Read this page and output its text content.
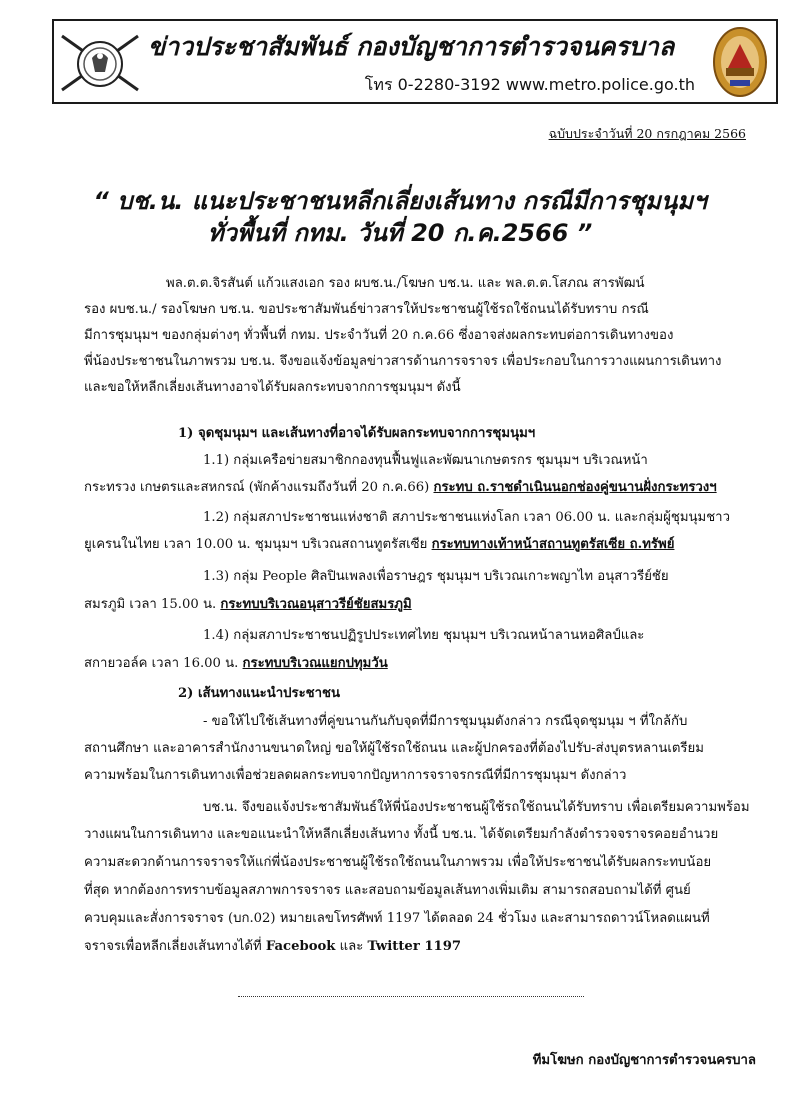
ข่าวประชาสัมพันธ์ กองบัญชาการตำรวจนครบาล
โทร 0-2280-3192 www.metro.police.go.th
ฉบับประจำวันที่ 20 กรกฎาคม 2566
“ บช.น. แนะประชาชนหลีกเลี่ยงเส้นทาง กรณีมีการชุมนุมฯ
ทั่วพื้นที่ กทม. วันที่ 20 ก.ค.2566 ”
พล.ต.ต.จิรสันต์ แก้วแสงเอก รอง ผบช.น./โฆษก บช.น. และ พล.ต.ต.โสภณ สารพัฒน์
รอง ผบช.น./ รองโฆษก บช.น. ขอประชาสัมพันธ์ข่าวสารให้ประชาชนผู้ใช้รถใช้ถนนได้รับทราบ กรณี
มีการชุมนุมฯ ของกลุ่มต่างๆ ทั่วพื้นที่ กทม. ประจำวันที่ 20 ก.ค.66 ซึ่งอาจส่งผลกระทบต่อการเดินทางของ
พี่น้องประชาชนในภาพรวม บช.น. จึงขอแจ้งข้อมูลข่าวสารด้านการจราจร เพื่อประกอบในการวางแผนการเดินทาง
และขอให้หลีกเลี่ยงเส้นทางอาจได้รับผลกระทบจากการชุมนุมฯ ดังนี้
1) จุดชุมนุมฯ และเส้นทางที่อาจได้รับผลกระทบจากการชุมนุมฯ
1.1) กลุ่มเครือข่ายสมาชิกกองทุนฟื้นฟูและพัฒนาเกษตรกร ชุมนุมฯ บริเวณหน้า
กระทรวง เกษตรและสหกรณ์ (พักค้างแรมถึงวันที่ 20 ก.ค.66) กระทบ ถ.ราชดำเนินนอกช่องคู่ขนานฝั่งกระทรวงฯ
1.2) กลุ่มสภาประชาชนแห่งชาติ สภาประชาชนแห่งโลก เวลา 06.00 น. และกลุ่มผู้ชุมนุมชาว
ยูเครนในไทย เวลา 10.00 น. ชุมนุมฯ บริเวณสถานทูตรัสเซีย กระทบทางเท้าหน้าสถานทูตรัสเซีย ถ.ทรัพย์
1.3) กลุ่ม People ศิลปินเพลงเพื่อราษฎร ชุมนุมฯ บริเวณเกาะพญาไท อนุสาวรีย์ชัย
สมรภูมิ เวลา 15.00 น. กระทบบริเวณอนุสาวรีย์ชัยสมรภูมิ
1.4) กลุ่มสภาประชาชนปฏิรูปประเทศไทย ชุมนุมฯ บริเวณหน้าลานหอศิลป์และ
สกายวอล์ค เวลา 16.00 น. กระทบบริเวณแยกปทุมวัน
2) เส้นทางแนะนำประชาชน
- ขอให้ไปใช้เส้นทางที่คู่ขนานกันกับจุดที่มีการชุมนุมดังกล่าว กรณีจุดชุมนุม ฯ ที่ใกล้กับ
สถานศึกษา และอาคารสำนักงานขนาดใหญ่ ขอให้ผู้ใช้รถใช้ถนน และผู้ปกครองที่ต้องไปรับ-ส่งบุตรหลานเตรียม
ความพร้อมในการเดินทางเพื่อช่วยลดผลกระทบจากปัญหาการจราจรกรณีที่มีการชุมนุมฯ ดังกล่าว
บช.น. จึงขอแจ้งประชาสัมพันธ์ให้พี่น้องประชาชนผู้ใช้รถใช้ถนนได้รับทราบ เพื่อเตรียมความพร้อม
วางแผนในการเดินทาง และขอแนะนำให้หลีกเลี่ยงเส้นทาง ทั้งนี้ บช.น. ได้จัดเตรียมกำลังตำรวจจราจรคอยอำนวย
ความสะดวกด้านการจราจรให้แก่พี่น้องประชาชนผู้ใช้รถใช้ถนนในภาพรวม เพื่อให้ประชาชนได้รับผลกระทบน้อย
ที่สุด หากต้องการทราบข้อมูลสภาพการจราจร และสอบถามข้อมูลเส้นทางเพิ่มเติม สามารถสอบถามได้ที่ ศูนย์
ควบคุมและสั่งการจราจร (บก.02) หมายเลขโทรศัพท์ 1197 ได้ตลอด 24 ชั่วโมง และสามารถดาวน์โหลดแผนที่
จราจรเพื่อหลีกเลี่ยงเส้นทางได้ที่ Facebook และ Twitter 1197
ทีมโฆษก กองบัญชาการตำรวจนครบาล
